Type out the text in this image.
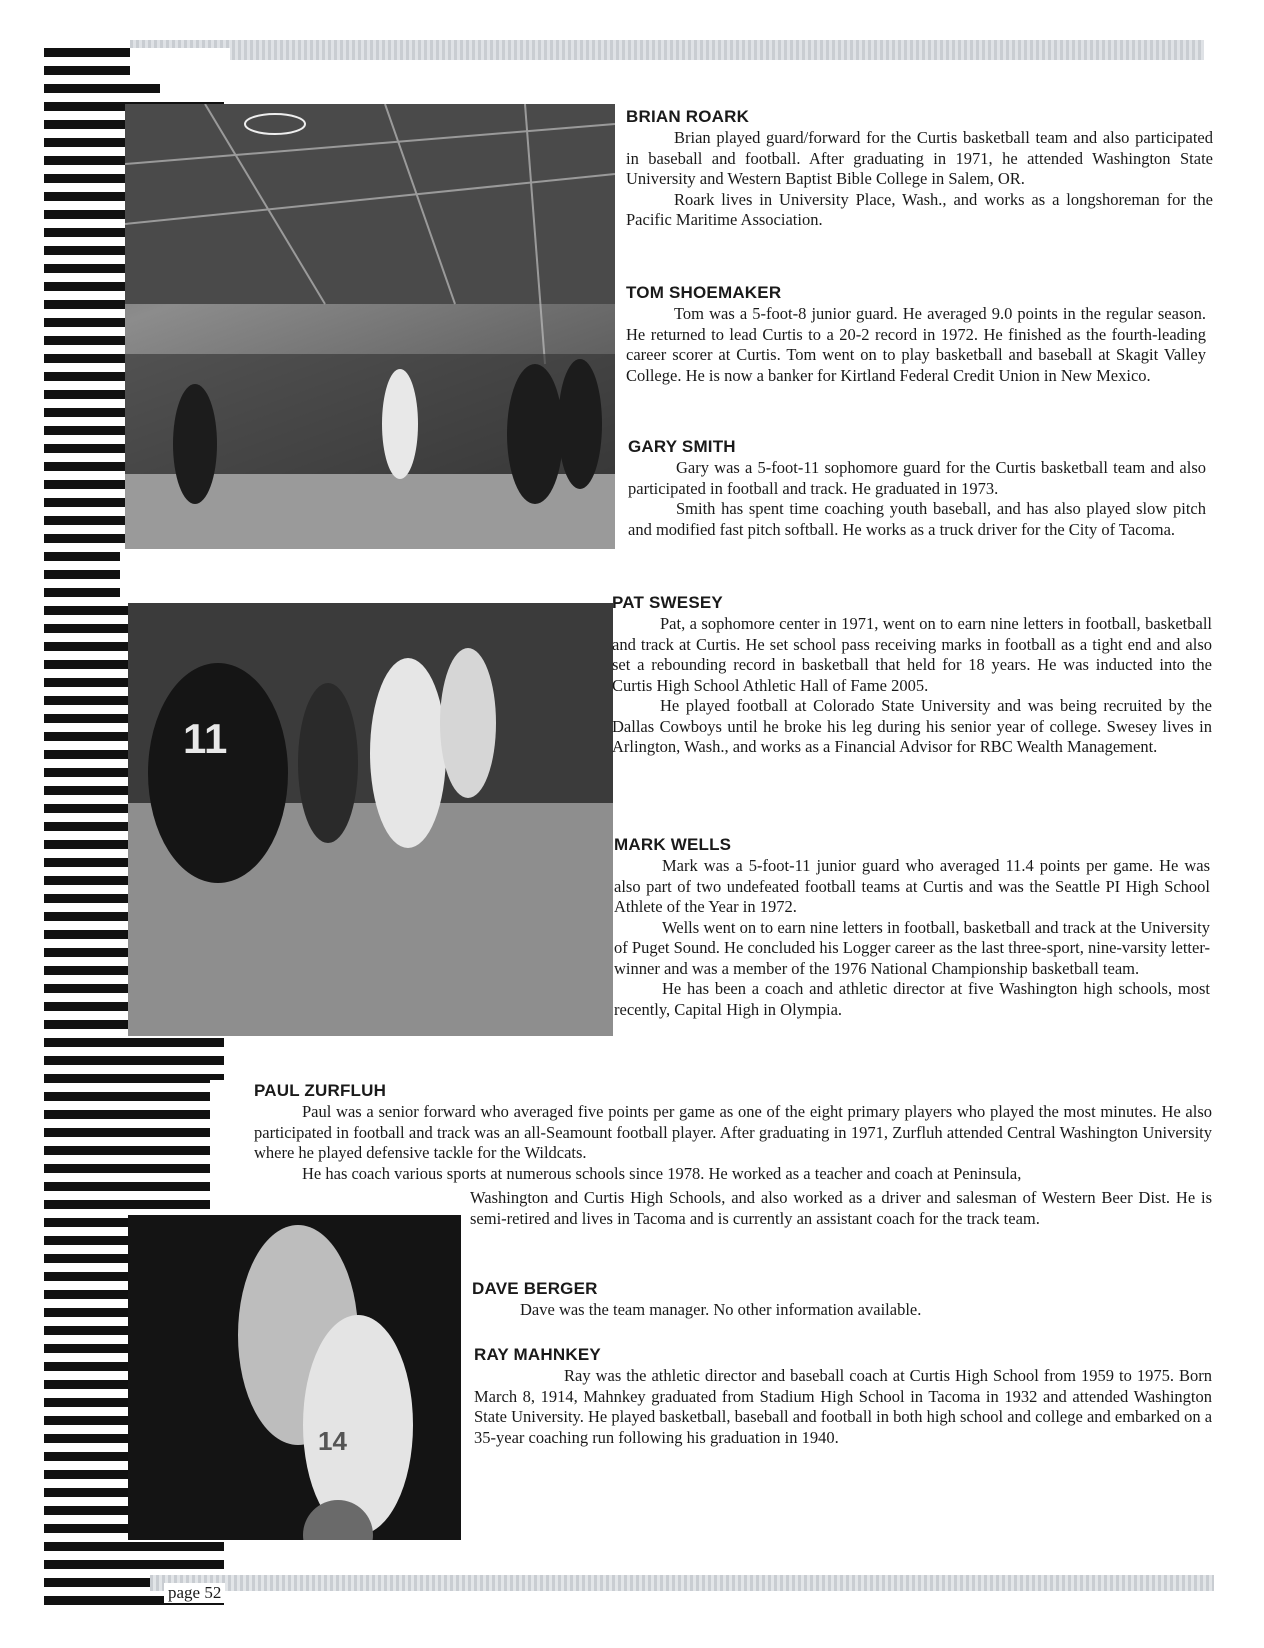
11
14
BRIAN ROARK

Brian played guard/forward for the Curtis basketball team and also participated in baseball and football. After graduating in 1971, he attended Washington State University and Western Baptist Bible College in Salem, OR.

Roark lives in University Place, Wash., and works as a longshoreman for the Pacific Maritime Association.

TOM SHOEMAKER

Tom was a 5-foot-8 junior guard. He averaged 9.0 points in the regular season. He returned to lead Curtis to a 20-2 record in 1972. He finished as the fourth-leading career scorer at Curtis. Tom went on to play basketball and baseball at Skagit Valley College. He is now a banker for Kirtland Federal Credit Union in New Mexico.

GARY SMITH

Gary was a 5-foot-11 sophomore guard for the Curtis basketball team and also participated in football and track. He graduated in 1973.

Smith has spent time coaching youth baseball, and has also played slow pitch and modified fast pitch softball. He works as a truck driver for the City of Tacoma.

PAT SWESEY

Pat, a sophomore center in 1971, went on to earn nine letters in football, basketball and track at Curtis. He set school pass receiving marks in football as a tight end and also set a rebounding record in basketball that held for 18 years. He was inducted into the Curtis High School Athletic Hall of Fame 2005.

He played football at Colorado State University and was being recruited by the Dallas Cowboys until he broke his leg during his senior year of college. Swesey lives in Arlington, Wash., and works as a Financial Advisor for RBC Wealth Management.

MARK WELLS

Mark was a 5-foot-11 junior guard who averaged 11.4 points per game. He was also part of two undefeated football teams at Curtis and was the Seattle PI High School Athlete of the Year in 1972.

Wells went on to earn nine letters in football, basketball and track at the University of Puget Sound. He concluded his Logger career as the last three-sport, nine-varsity letter-winner and was a member of the 1976 National Championship basketball team.

He has been a coach and athletic director at five Washington high schools, most recently, Capital High in Olympia.

PAUL ZURFLUH

Paul was a senior forward who averaged five points per game as one of the eight primary players who played the most minutes. He also participated in football and track was an all-Seamount football player. After graduating in 1971, Zurfluh attended Central Washington University where he played defensive tackle for the Wildcats.

He has coach various sports at numerous schools since 1978. He worked as a teacher and coach at Peninsula,

Washington and Curtis High Schools, and also worked as a driver and salesman of Western Beer Dist. He is semi-retired and lives in Tacoma and is currently an assistant coach for the track team.

DAVE BERGER

Dave was the team manager. No other information available.

RAY MAHNKEY

Ray was the athletic director and baseball coach at Curtis High School from 1959 to 1975. Born March 8, 1914, Mahnkey graduated from Stadium High School in Tacoma in 1932 and attended Washington State University. He played basketball, baseball and football in both high school and college and embarked on a 35-year coaching run following his graduation in 1940.

page 52
